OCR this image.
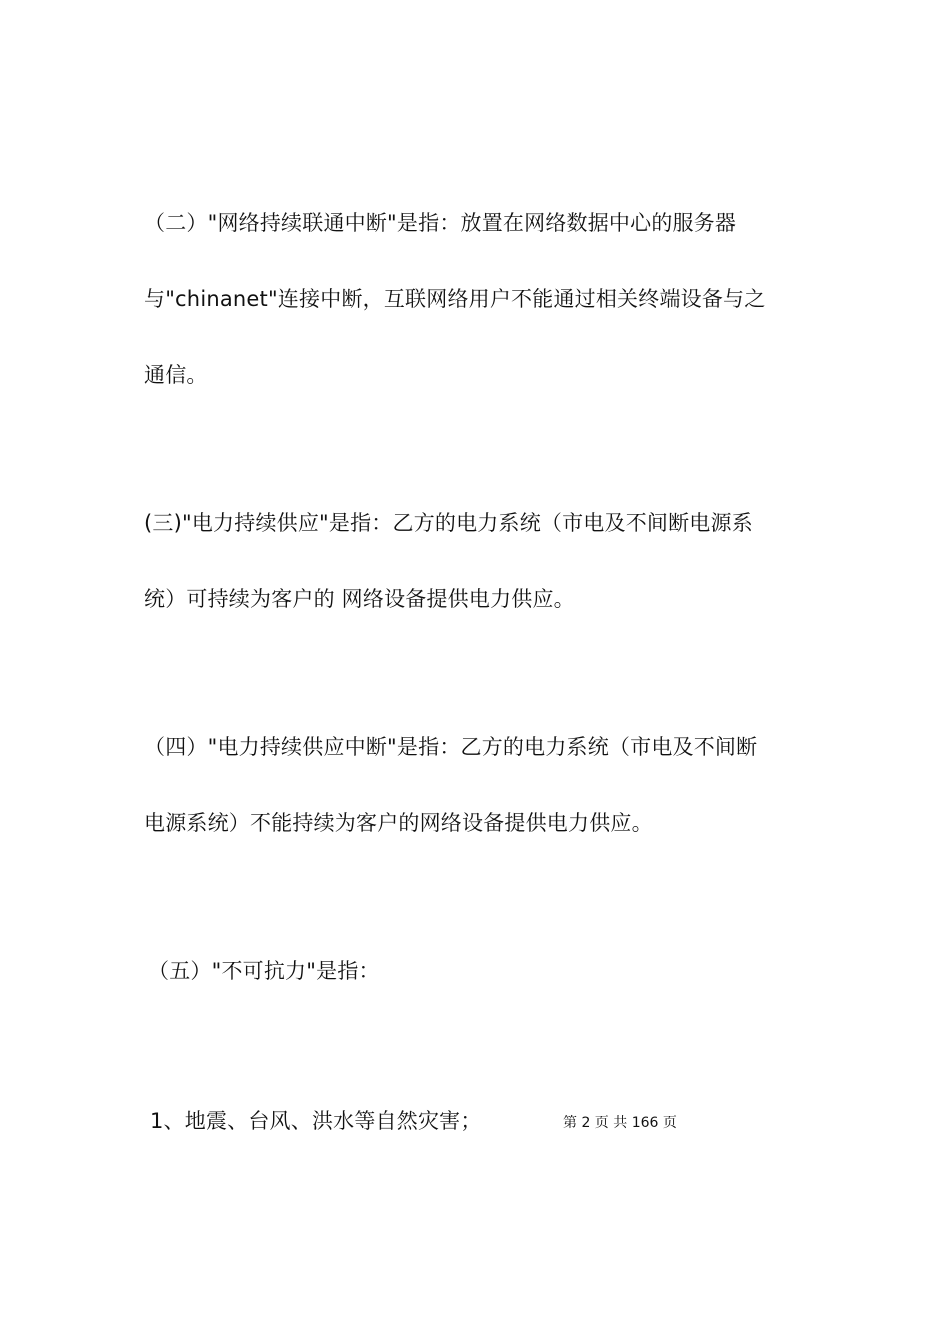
（二）"网络持续联通中断"是指：放置在网络数据中心的服务器
与"chinanet"连接中断，互联网络用户不能通过相关终端设备与之
通信。
(三)"电力持续供应"是指：乙方的电力系统（市电及不间断电源系
统）可持续为客户的 网络设备提供电力供应。
（四）"电力持续供应中断"是指：乙方的电力系统（市电及不间断
电源系统）不能持续为客户的网络设备提供电力供应。
（五）"不可抗力"是指：
1、地震、台风、洪水等自然灾害；	第 2 页 共 166 页
